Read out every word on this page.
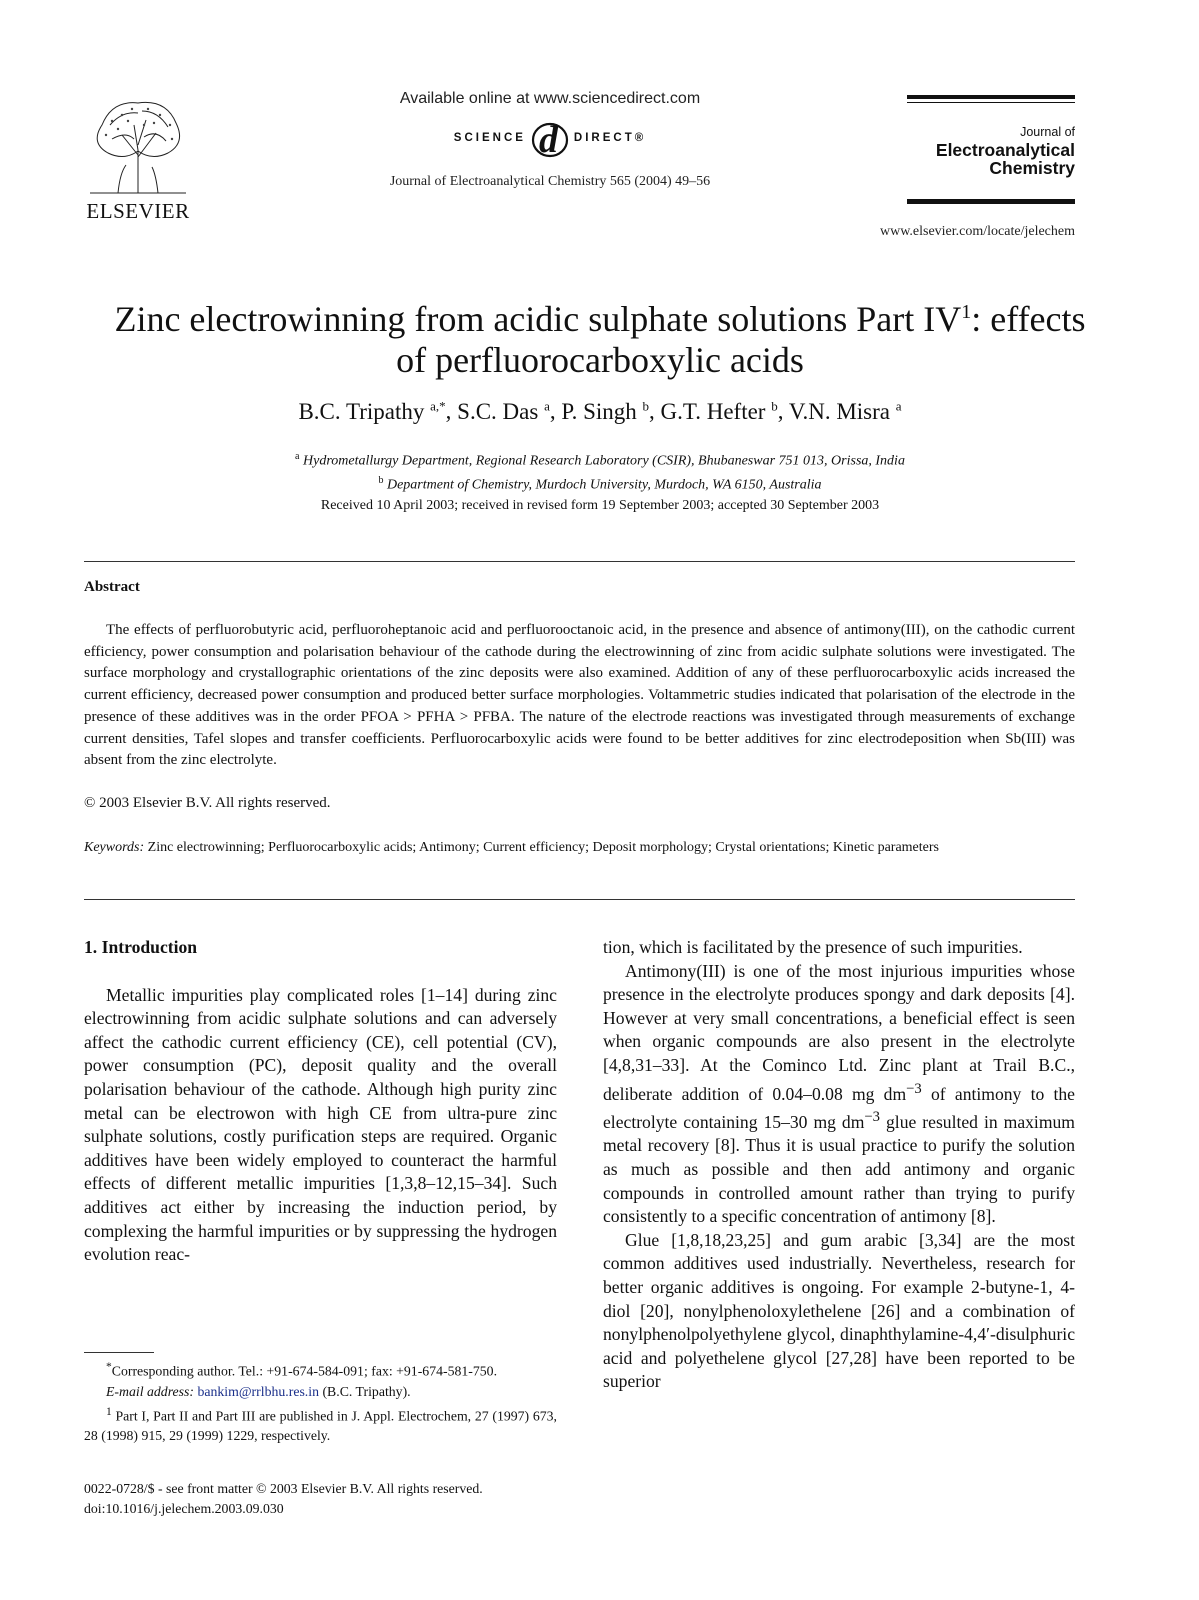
ELSEVIER
Available online at www.sciencedirect.com
SCIENCE d DIRECT®
Journal of Electroanalytical Chemistry 565 (2004) 49–56
Journal of
Electroanalytical
Chemistry
www.elsevier.com/locate/jelechem
Zinc electrowinning from acidic sulphate solutions Part $IV^1$: effects
of perfluorocarboxylic acids
B.C. Tripathy $^{a,*}$, S.C. Das $^a$, P. Singh $^b$, G.T. Hefter $^b$, V.N. Misra $^a$
$^a$ Hydrometallurgy Department, Regional Research Laboratory (CSIR), Bhubaneswar 751 013, Orissa, India
$^b$ Department of Chemistry, Murdoch University, Murdoch, WA 6150, Australia
Received 10 April 2003; received in revised form 19 September 2003; accepted 30 September 2003
Abstract
The effects of perfluorobutyric acid, perfluoroheptanoic acid and perfluorooctanoic acid, in the presence and absence of antimony(III), on the cathodic current efficiency, power consumption and polarisation behaviour of the cathode during the electrowinning of zinc from acidic sulphate solutions were investigated. The surface morphology and crystallographic orientations of the zinc deposits were also examined. Addition of any of these perfluorocarboxylic acids increased the current efficiency, decreased power consumption and produced better surface morphologies. Voltammetric studies indicated that polarisation of the electrode in the presence of these additives was in the order PFOA > PFHA > PFBA. The nature of the electrode reactions was investigated through measurements of exchange current densities, Tafel slopes and transfer coefficients. Perfluorocarboxylic acids were found to be better additives for zinc electrodeposition when Sb(III) was absent from the zinc electrolyte.
© 2003 Elsevier B.V. All rights reserved.
Keywords: Zinc electrowinning; Perfluorocarboxylic acids; Antimony; Current efficiency; Deposit morphology; Crystal orientations; Kinetic parameters
1. Introduction

Metallic impurities play complicated roles [1–14] during zinc electrowinning from acidic sulphate solutions and can adversely affect the cathodic current efficiency (CE), cell potential (CV), power consumption (PC), deposit quality and the overall polarisation behaviour of the cathode. Although high purity zinc metal can be electrowon with high CE from ultra-pure zinc sulphate solutions, costly purification steps are required. Organic additives have been widely employed to counteract the harmful effects of different metallic impurities [1,3,8–12,15–34]. Such additives act either by increasing the induction period, by complexing the harmful impurities or by suppressing the hydrogen evolution reac-

*Corresponding author. Tel.: +91-674-584-091; fax: +91-674-581-750.

E-mail address: bankim@rrlbhu.res.in (B.C. Tripathy).

$^1$ Part I, Part II and Part III are published in J. Appl. Electrochem, 27 (1997) 673, 28 (1998) 915, 29 (1999) 1229, respectively.

0022-0728/$ - see front matter © 2003 Elsevier B.V. All rights reserved.
doi:10.1016/j.jelechem.2003.09.030

tion, which is facilitated by the presence of such impurities.

Antimony(III) is one of the most injurious impurities whose presence in the electrolyte produces spongy and dark deposits [4]. However at very small concentrations, a beneficial effect is seen when organic compounds are also present in the electrolyte [4,8,31–33]. At the Cominco Ltd. Zinc plant at Trail B.C., deliberate addition of 0.04–0.08 mg $dm^{-3}$ of antimony to the electrolyte containing 15–30 mg $dm^{-3}$ glue resulted in maximum metal recovery [8]. Thus it is usual practice to purify the solution as much as possible and then add antimony and organic compounds in controlled amount rather than trying to purify consistently to a specific concentration of antimony [8].

Glue [1,8,18,23,25] and gum arabic [3,34] are the most common additives used industrially. Nevertheless, research for better organic additives is ongoing. For example 2-butyne-1, 4-diol [20], nonylphenoloxylethelene [26] and a combination of nonylphenolpolyethylene glycol, dinaphthylamine-4,4′-disulphuric acid and polyethelene glycol [27,28] have been reported to be superior
